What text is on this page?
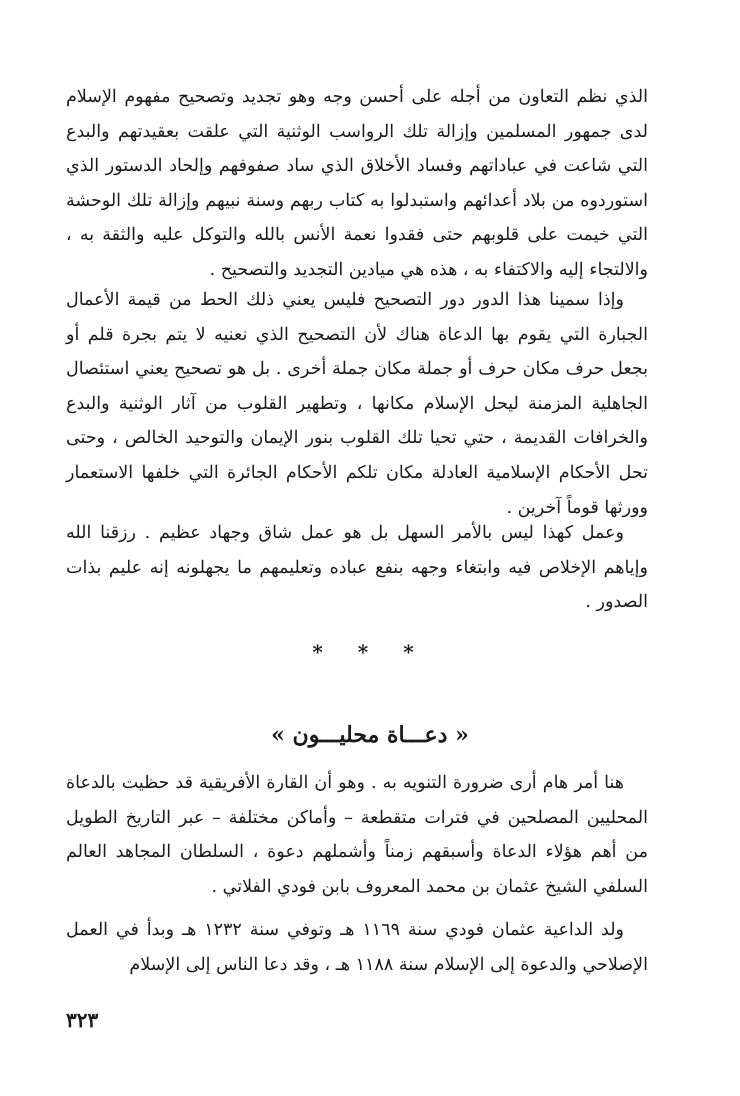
الذي نظم التعاون من أجله على أحسن وجه وهو تجديد وتصحيح مفهوم الإسلام لدى جمهور المسلمين وإزالة تلك الرواسب الوثنية التي علقت بعقيدتهم والبدع التي شاعت في عباداتهم وفساد الأخلاق الذي ساد صفوفهم وإلحاد الدستور الذي استوردوه من بلاد أعدائهم واستبدلوا به كتاب ربهم وسنة نبيهم وإزالة تلك الوحشة التي خيمت على قلوبهم حتى فقدوا نعمة الأنس بالله والتوكل عليه والثقة به ، والالتجاء إليه والاكتفاء به ، هذه هي ميادين التجديد والتصحيح .

وإذا سمينا هذا الدور دور التصحيح فليس يعني ذلك الحط من قيمة الأعمال الجبارة التي يقوم بها الدعاة هناك لأن التصحيح الذي نعنيه لا يتم بجرة قلم أو بجعل حرف مكان حرف أو جملة مكان جملة أخرى . بل هو تصحيح يعني استئصال الجاهلية المزمنة ليحل الإسلام مكانها ، وتطهير القلوب من آثار الوثنية والبدع والخرافات القديمة ، حتي تحيا تلك القلوب بنور الإيمان والتوحيد الخالص ، وحتى تحل الأحكام الإسلامية العادلة مكان تلكم الأحكام الجائرة التي خلفها الاستعمار وورثها قوماً آخرين .

وعمل كهذا ليس بالأمر السهل بل هو عمل شاق وجهاد عظيم . رزقنا الله وإياهم الإخلاص فيه وابتغاء وجهه بنفع عباده وتعليمهم ما يجهلونه إنه عليم بذات الصدور .

* * *
« دعـــاة محليـــون »

هنا أمر هام أرى ضرورة التنويه به . وهو أن القارة الأفريقية قد حظيت بالدعاة المحليين المصلحين في فترات متقطعة – وأماكن مختلفة – عبر التاريخ الطويل من أهم هؤلاء الدعاة وأسبقهم زمناً وأشملهم دعوة ، السلطان المجاهد العالم السلفي الشيخ عثمان بن محمد المعروف بابن فودي الفلاتي .

ولد الداعية عثمان فودي سنة ١١٦٩ هـ وتوفي سنة ١٢٣٢ هـ وبدأ في العمل الإصلاحي والدعوة إلى الإسلام سنة ١١٨٨ هـ ، وقد دعا الناس إلى الإسلام

٣٢٣
